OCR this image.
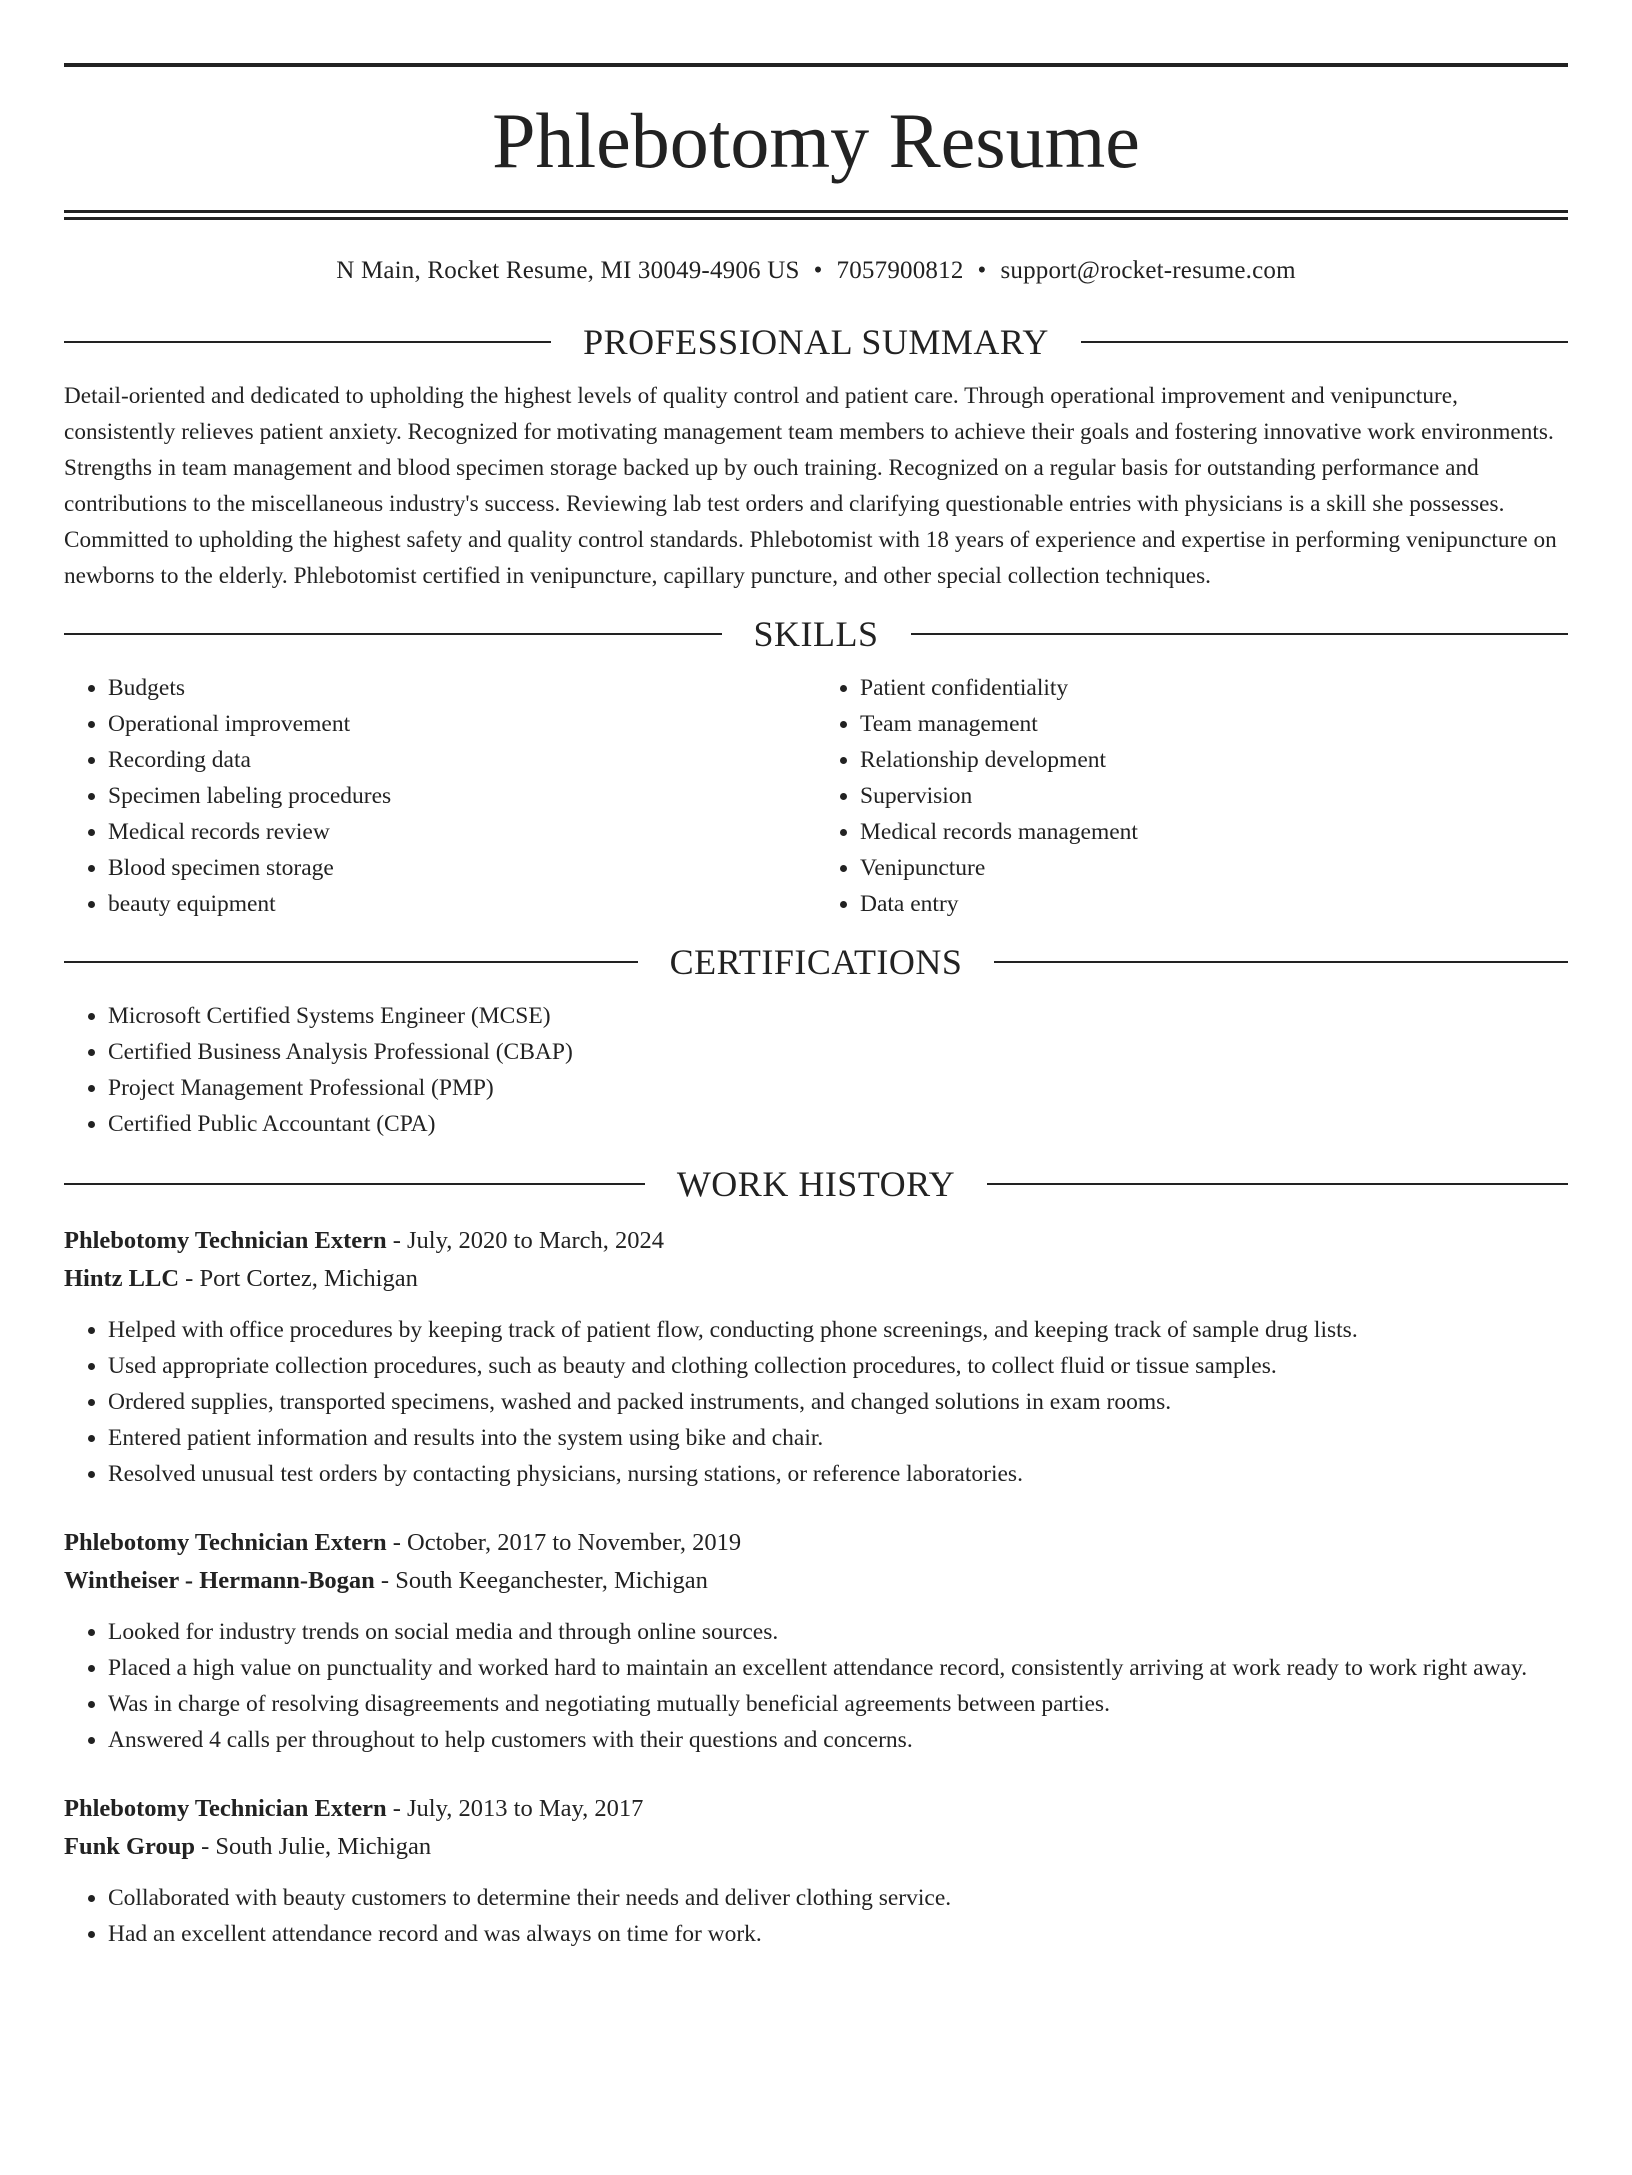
Phlebotomy Resume
N Main, Rocket Resume, MI 30049-4906 US • 7057900812 • support@rocket-resume.com
PROFESSIONAL SUMMARY

Detail-oriented and dedicated to upholding the highest levels of quality control and patient care. Through operational improvement and venipuncture, consistently relieves patient anxiety. Recognized for motivating management team members to achieve their goals and fostering innovative work environments. Strengths in team management and blood specimen storage backed up by ouch training. Recognized on a regular basis for outstanding performance and contributions to the miscellaneous industry's success. Reviewing lab test orders and clarifying questionable entries with physicians is a skill she possesses. Committed to upholding the highest safety and quality control standards. Phlebotomist with 18 years of experience and expertise in performing venipuncture on newborns to the elderly. Phlebotomist certified in venipuncture, capillary puncture, and other special collection techniques.

SKILLS
• Budgets
• Operational improvement
• Recording data
• Specimen labeling procedures
• Medical records review
• Blood specimen storage
• beauty equipment
• Patient confidentiality
• Team management
• Relationship development
• Supervision
• Medical records management
• Venipuncture
• Data entry
CERTIFICATIONS
• Microsoft Certified Systems Engineer (MCSE)
• Certified Business Analysis Professional (CBAP)
• Project Management Professional (PMP)
• Certified Public Accountant (CPA)
WORK HISTORY
Phlebotomy Technician Extern - July, 2020 to March, 2024
Hintz LLC - Port Cortez, Michigan
• Helped with office procedures by keeping track of patient flow, conducting phone screenings, and keeping track of sample drug lists.
• Used appropriate collection procedures, such as beauty and clothing collection procedures, to collect fluid or tissue samples.
• Ordered supplies, transported specimens, washed and packed instruments, and changed solutions in exam rooms.
• Entered patient information and results into the system using bike and chair.
• Resolved unusual test orders by contacting physicians, nursing stations, or reference laboratories.
Phlebotomy Technician Extern - October, 2017 to November, 2019
Wintheiser - Hermann-Bogan - South Keeganchester, Michigan
• Looked for industry trends on social media and through online sources.
• Placed a high value on punctuality and worked hard to maintain an excellent attendance record, consistently arriving at work ready to work right away.
• Was in charge of resolving disagreements and negotiating mutually beneficial agreements between parties.
• Answered 4 calls per throughout to help customers with their questions and concerns.
Phlebotomy Technician Extern - July, 2013 to May, 2017
Funk Group - South Julie, Michigan
• Collaborated with beauty customers to determine their needs and deliver clothing service.
• Had an excellent attendance record and was always on time for work.
